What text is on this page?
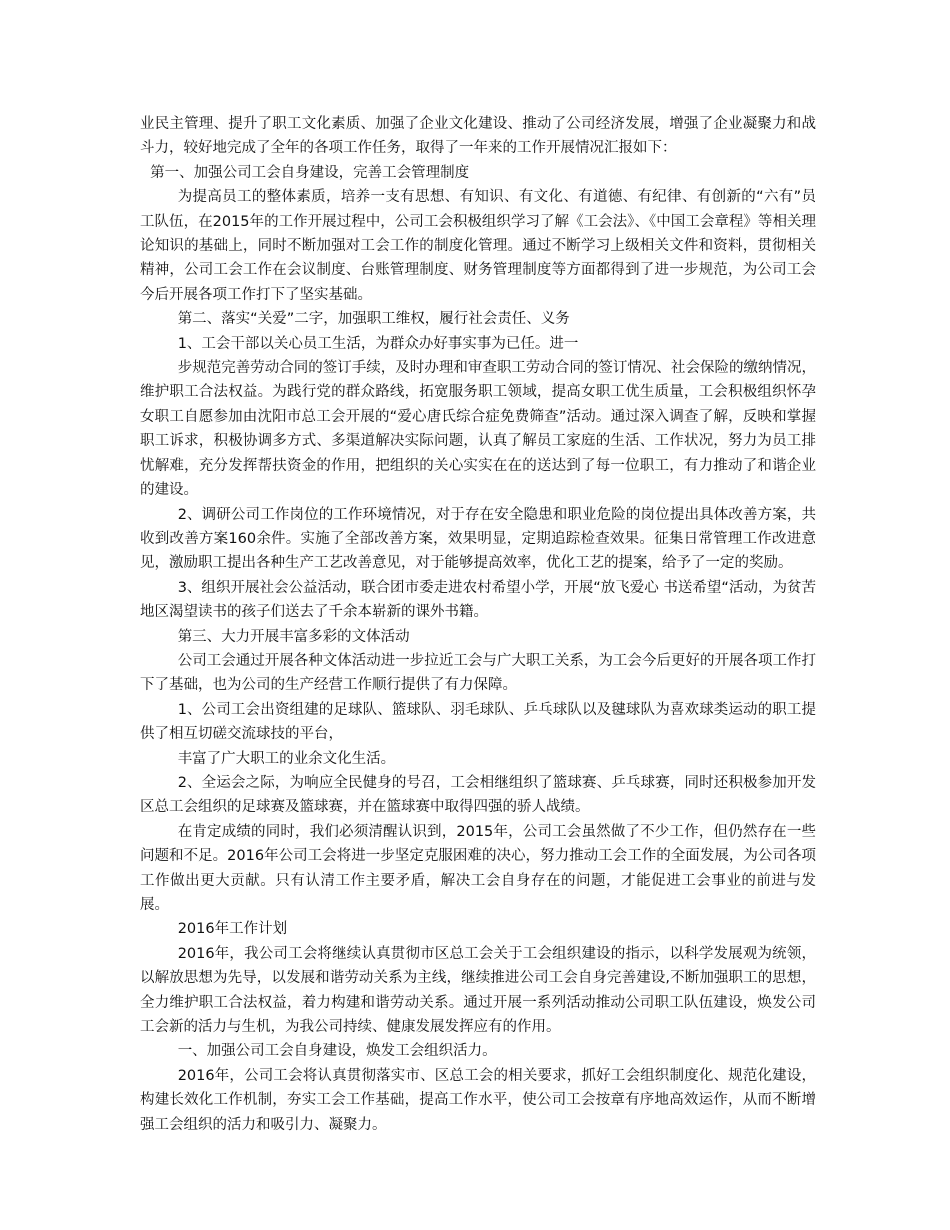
业民主管理、提升了职工文化素质、加强了企业文化建设、推动了公司经济发展，增强了企业凝聚力和战斗力，较好地完成了全年的各项工作任务，取得了一年来的工作开展情况汇报如下：

第一、加强公司工会自身建设，完善工会管理制度

为提高员工的整体素质，培养一支有思想、有知识、有文化、有道德、有纪律、有创新的“六有”员工队伍，在2015年的工作开展过程中，公司工会积极组织学习了解《工会法》、《中国工会章程》等相关理论知识的基础上，同时不断加强对工会工作的制度化管理。通过不断学习上级相关文件和资料，贯彻相关精神，公司工会工作在会议制度、台账管理制度、财务管理制度等方面都得到了进一步规范，为公司工会今后开展各项工作打下了坚实基础。

第二、落实“关爱”二字，加强职工维权，履行社会责任、义务

1、工会干部以关心员工生活，为群众办好事实事为已任。进一

步规范完善劳动合同的签订手续，及时办理和审查职工劳动合同的签订情况、社会保险的缴纳情况，维护职工合法权益。为践行党的群众路线，拓宽服务职工领域，提高女职工优生质量，工会积极组织怀孕女职工自愿参加由沈阳市总工会开展的“爱心唐氏综合症免费筛查”活动。通过深入调查了解，反映和掌握职工诉求，积极协调多方式、多渠道解决实际问题，认真了解员工家庭的生活、工作状况，努力为员工排忧解难，充分发挥帮扶资金的作用，把组织的关心实实在在的送达到了每一位职工，有力推动了和谐企业的建设。

2、调研公司工作岗位的工作环境情况，对于存在安全隐患和职业危险的岗位提出具体改善方案，共收到改善方案160余件。实施了全部改善方案，效果明显，定期追踪检查效果。征集日常管理工作改进意见，激励职工提出各种生产工艺改善意见，对于能够提高效率，优化工艺的提案，给予了一定的奖励。

3、组织开展社会公益活动，联合团市委走进农村希望小学，开展“放飞爱心 书送希望“活动，为贫苦地区渴望读书的孩子们送去了千余本崭新的课外书籍。

第三、大力开展丰富多彩的文体活动

公司工会通过开展各种文体活动进一步拉近工会与广大职工关系，为工会今后更好的开展各项工作打下了基础，也为公司的生产经营工作顺行提供了有力保障。

1、公司工会出资组建的足球队、篮球队、羽毛球队、乒乓球队以及毽球队为喜欢球类运动的职工提供了相互切磋交流球技的平台，

丰富了广大职工的业余文化生活。

2、全运会之际，为响应全民健身的号召，工会相继组织了篮球赛、乒乓球赛，同时还积极参加开发区总工会组织的足球赛及篮球赛，并在篮球赛中取得四强的骄人战绩。

在肯定成绩的同时，我们必须清醒认识到，2015年，公司工会虽然做了不少工作，但仍然存在一些问题和不足。2016年公司工会将进一步坚定克服困难的决心，努力推动工会工作的全面发展，为公司各项工作做出更大贡献。只有认清工作主要矛盾，解决工会自身存在的问题，才能促进工会事业的前进与发展。

2016年工作计划

2016年，我公司工会将继续认真贯彻市区总工会关于工会组织建设的指示，以科学发展观为统领，以解放思想为先导，以发展和谐劳动关系为主线，继续推进公司工会自身完善建设,不断加强职工的思想，全力维护职工合法权益，着力构建和谐劳动关系。通过开展一系列活动推动公司职工队伍建设，焕发公司工会新的活力与生机，为我公司持续、健康发展发挥应有的作用。

一、加强公司工会自身建设，焕发工会组织活力。

2016年，公司工会将认真贯彻落实市、区总工会的相关要求，抓好工会组织制度化、规范化建设，构建长效化工作机制，夯实工会工作基础，提高工作水平，使公司工会按章有序地高效运作，从而不断增强工会组织的活力和吸引力、凝聚力。
